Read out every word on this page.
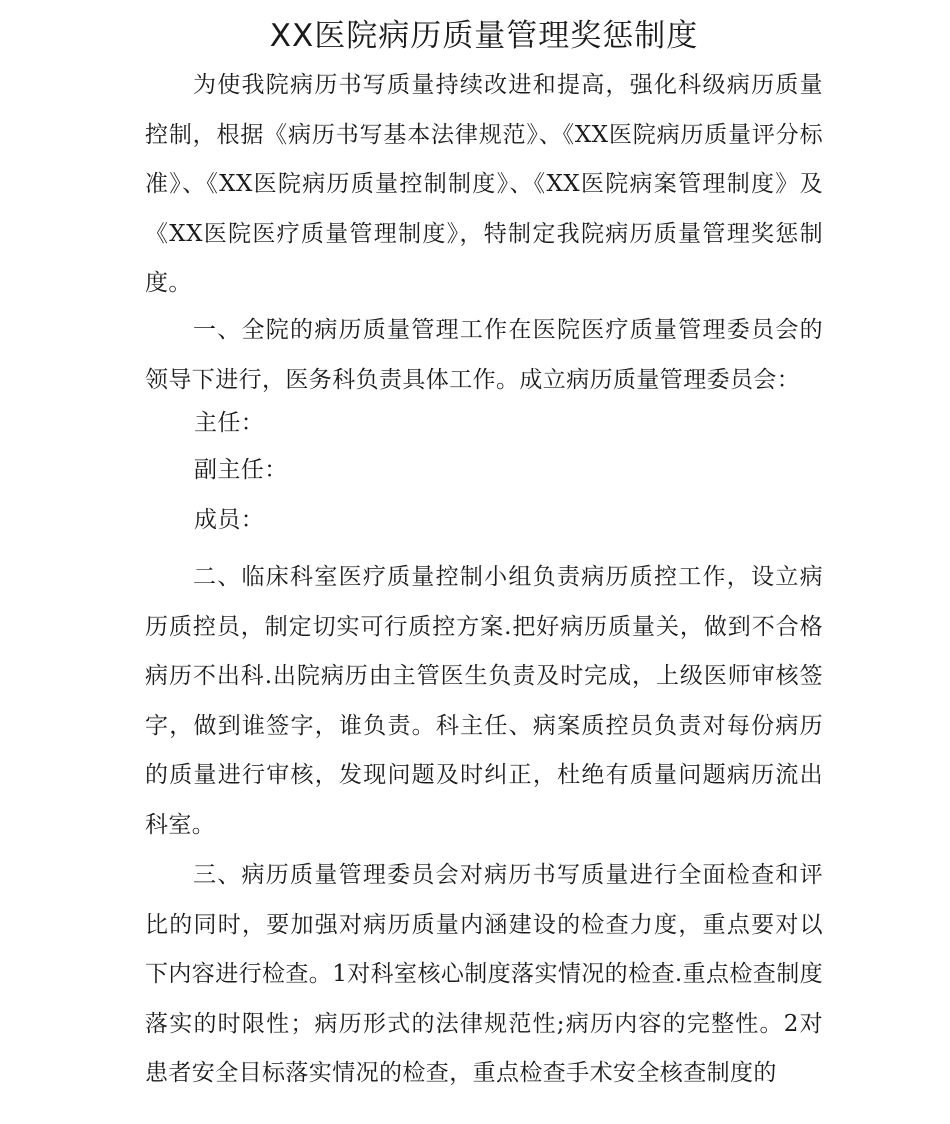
XX医院病历质量管理奖惩制度

为使我院病历书写质量持续改进和提高，强化科级病历质量控制，根据《病历书写基本法律规范》、《XX医院病历质量评分标准》、《XX医院病历质量控制制度》、《XX医院病案管理制度》及《XX医院医疗质量管理制度》，特制定我院病历质量管理奖惩制度。

一、全院的病历质量管理工作在医院医疗质量管理委员会的领导下进行，医务科负责具体工作。成立病历质量管理委员会：

主任：

副主任：

成员：

二、临床科室医疗质量控制小组负责病历质控工作，设立病历质控员，制定切实可行质控方案.把好病历质量关，做到不合格病历不出科.出院病历由主管医生负责及时完成，上级医师审核签字，做到谁签字，谁负责。科主任、病案质控员负责对每份病历的质量进行审核，发现问题及时纠正，杜绝有质量问题病历流出科室。

三、病历质量管理委员会对病历书写质量进行全面检查和评比的同时，要加强对病历质量内涵建设的检查力度，重点要对以下内容进行检查。1对科室核心制度落实情况的检查.重点检查制度落实的时限性；病历形式的法律规范性;病历内容的完整性。2对患者安全目标落实情况的检查，重点检查手术安全核查制度的
